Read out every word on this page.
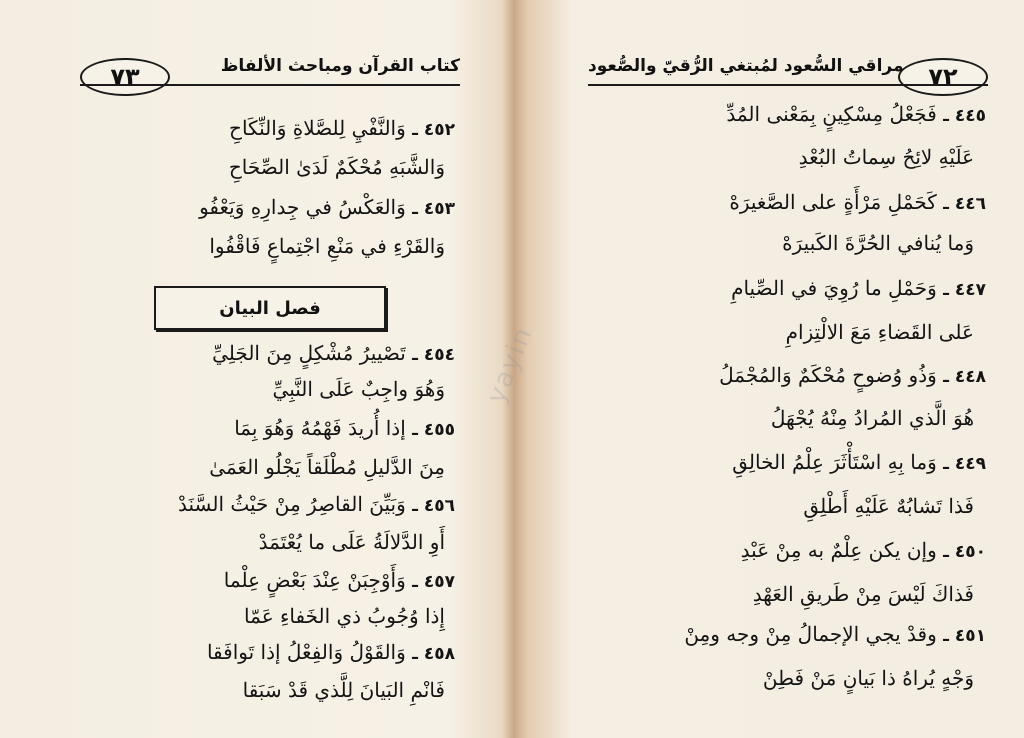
yayin
٧٣	كتاب القرآن ومباحث الألفاظ
٤٥٢ ـ وَالنَّفْيِ لِلصَّلاةِ وَالنِّكَاحِ
وَالشَّبَهِ مُحْكَمٌ لَدَىٰ الصِّحَاحِ
٤٥٣ ـ وَالعَكْسُ في جِدارِهِ وَيَعْفُو
وَالقَرْءِ في مَنْعِ اجْتِماعٍ فَاقْفُوا
فصل البيان
٤٥٤ ـ تَصْييرُ مُشْكِلٍ مِنَ الجَلِيِّ
وَهُوَ واجِبٌ عَلَى النَّبِيِّ
٤٥٥ ـ إذا أُريدَ فَهْمُهُ وَهُوَ بِمَا
مِنَ الدَّليلِ مُطْلَقاً يَجْلُو العَمَىٰ
٤٥٦ ـ وَبَيِّنَ القاصِرُ مِنْ حَيْثُ السَّنَدْ
أَوِ الدَّلالَةُ عَلَى ما يُعْتَمَدْ
٤٥٧ ـ وَأَوْجِبَنْ عِنْدَ بَعْضٍ عِلْما
إِذا وُجُوبُ ذي الخَفاءِ عَمّا
٤٥٨ ـ وَالقَوْلُ وَالفِعْلُ إذا تَوافَقا
فَانْمِ البَيانَ لِلَّذي قَدْ سَبَقا
٧٢
مراقي السُّعود لمُبتغي الرُّقيّ والصُّعود
٤٤٥ ـ فَجَعْلُ مِسْكِينٍ بِمَعْنى المُدِّ
عَلَيْهِ لائِحُ سِماتُ البُعْدِ
٤٤٦ ـ كَحَمْلِ مَرْأَةٍ على الصَّغيرَهْ
وَما يُنافي الحُرَّةَ الكَبيرَهْ
٤٤٧ ـ وَحَمْلِ ما رُوِيَ في الصِّيامِ
عَلى القَضاءِ مَعَ الالْتِزامِ
٤٤٨ ـ وَذُو وُضوحٍ مُحْكَمٌ وَالمُجْمَلُ
هُوَ الَّذي المُرادُ مِنْهُ يُجْهَلُ
٤٤٩ ـ وَما بِهِ اسْتَأْثَرَ عِلْمُ الخالِقِ
فَذا تَشابُهٌ عَلَيْهِ أَطْلِقِ
٤٥٠ ـ وإن يكن عِلْمٌ به مِنْ عَبْدِ
فَذاكَ لَيْسَ مِنْ طَريقِ العَهْدِ
٤٥١ ـ وقدْ يجي الإجمالُ مِنْ وجه ومِنْ
وَجْهٍ يُراهُ ذا بَيانٍ مَنْ فَطِنْ
